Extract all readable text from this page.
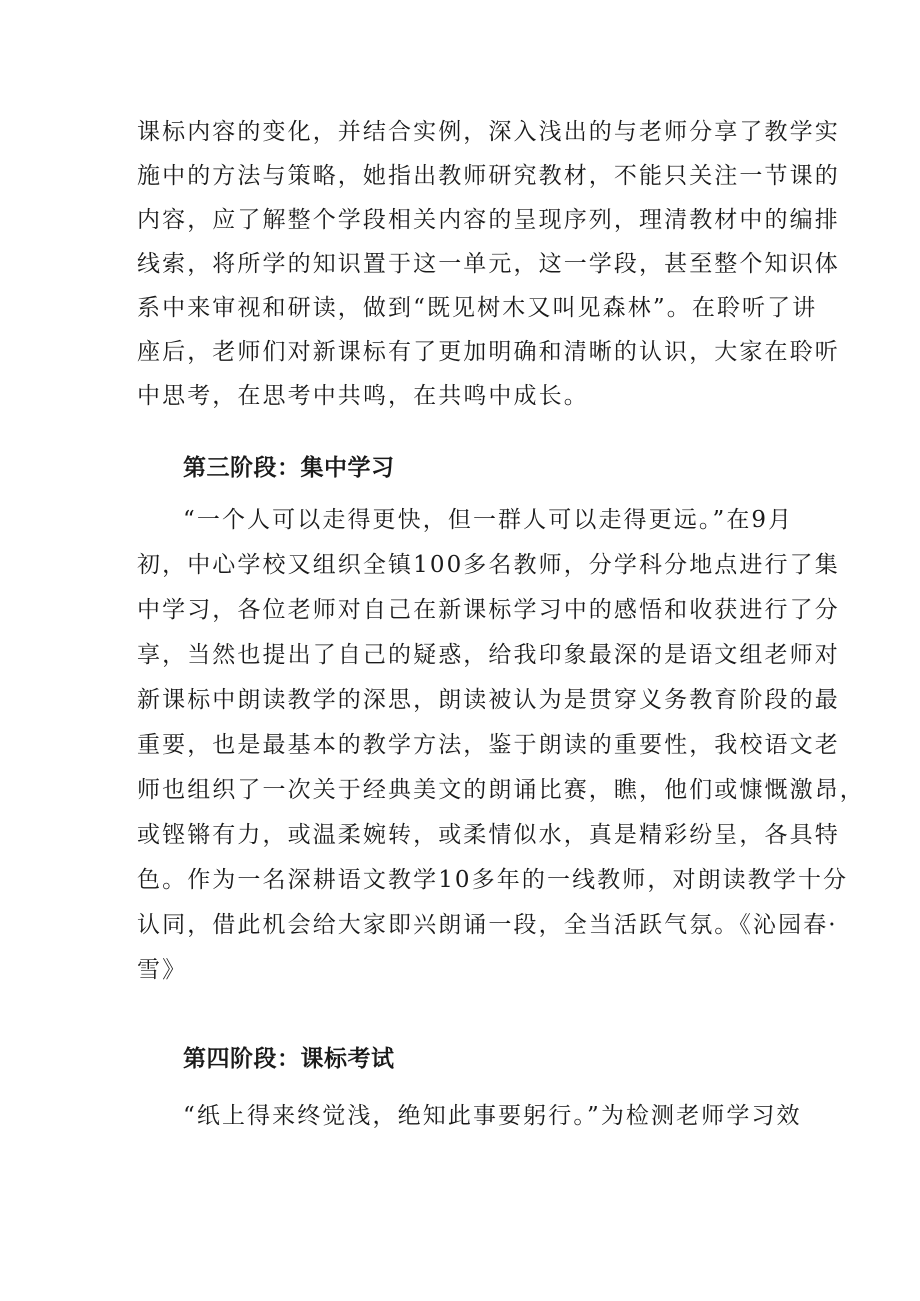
课标内容的变化，并结合实例，深入浅出的与老师分享了教学实
施中的方法与策略，她指出教师研究教材，不能只关注一节课的
内容，应了解整个学段相关内容的呈现序列，理清教材中的编排
线索，将所学的知识置于这一单元，这一学段，甚至整个知识体
系中来审视和研读，做到“既见树木又叫见森林”。在聆听了讲
座后，老师们对新课标有了更加明确和清晰的认识，大家在聆听
中思考，在思考中共鸣，在共鸣中成长。
第三阶段：集中学习
“一个人可以走得更快，但一群人可以走得更远。”在9月
初，中心学校又组织全镇100多名教师，分学科分地点进行了集
中学习，各位老师对自己在新课标学习中的感悟和收获进行了分
享，当然也提出了自己的疑惑，给我印象最深的是语文组老师对
新课标中朗读教学的深思，朗读被认为是贯穿义务教育阶段的最
重要，也是最基本的教学方法，鉴于朗读的重要性，我校语文老
师也组织了一次关于经典美文的朗诵比赛，瞧，他们或慷慨激昂，
或铿锵有力，或温柔婉转，或柔情似水，真是精彩纷呈，各具特
色。作为一名深耕语文教学10多年的一线教师，对朗读教学十分
认同，借此机会给大家即兴朗诵一段，全当活跃气氛。《沁园春·
雪》
第四阶段：课标考试
“纸上得来终觉浅，绝知此事要躬行。”为检测老师学习效
